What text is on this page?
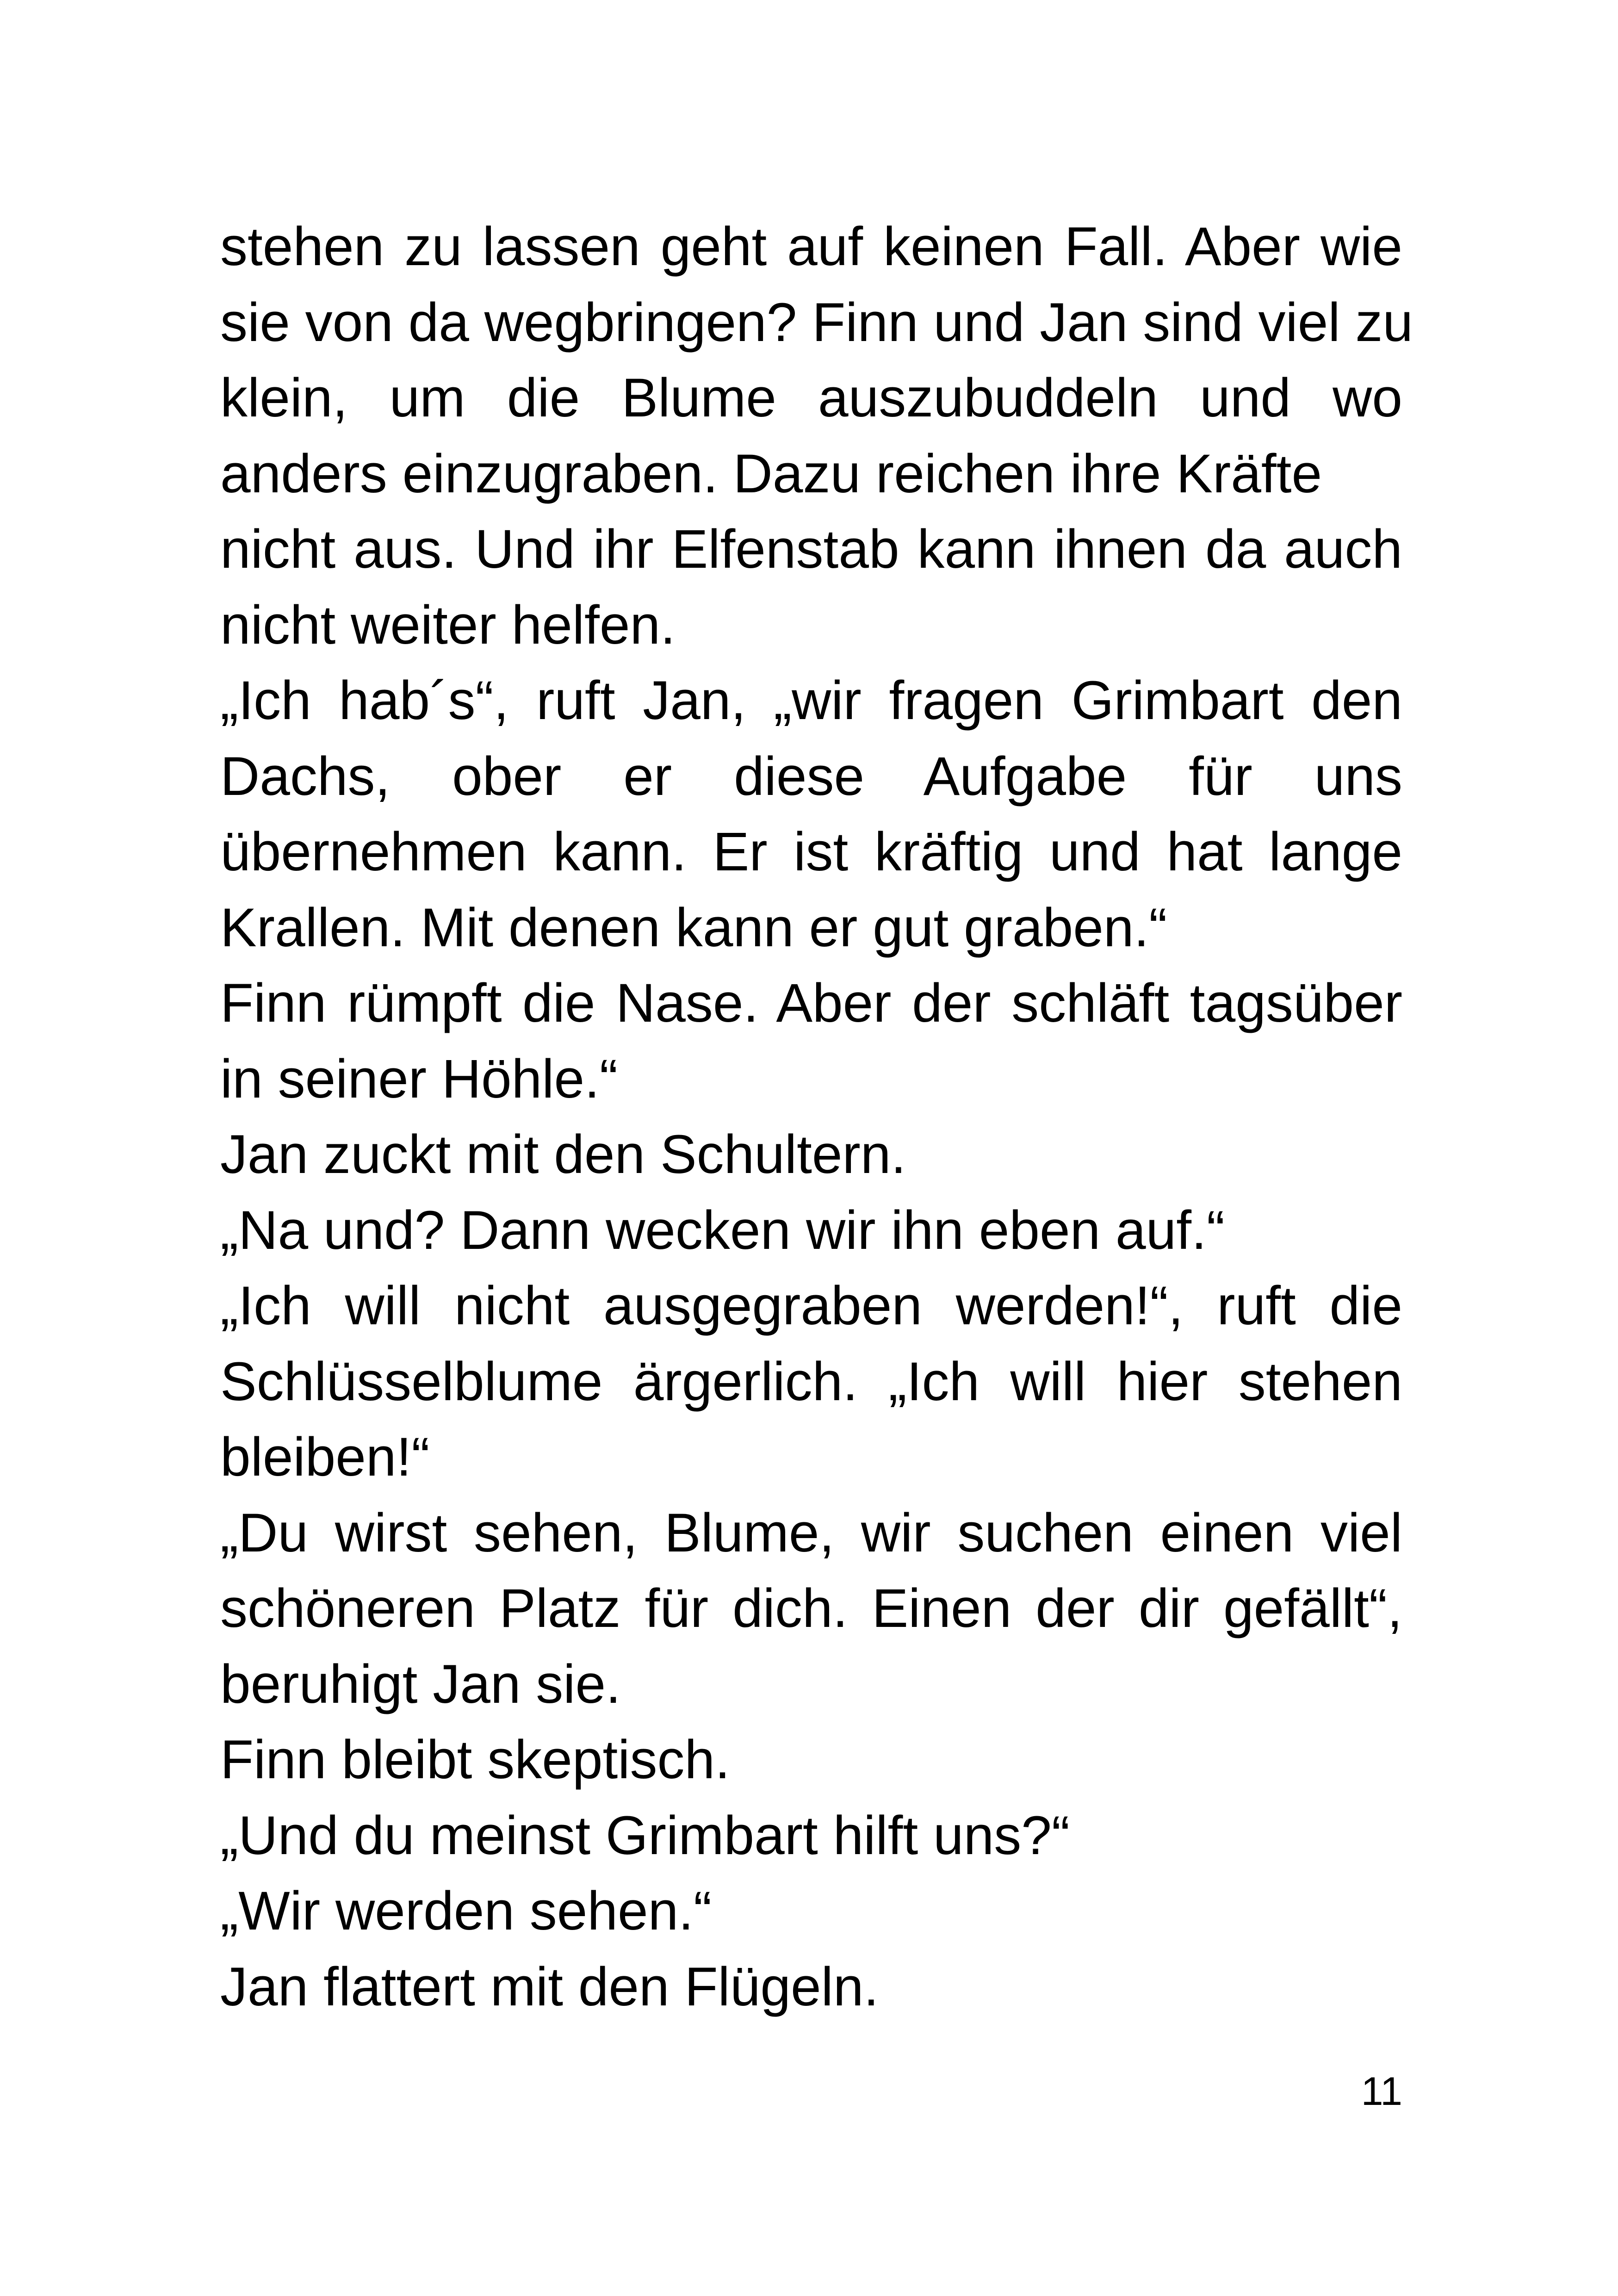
stehen zu lassen geht auf keinen Fall. Aber wie
sie von da wegbringen? Finn und Jan sind viel zu
klein, um die Blume auszubuddeln und wo
anders einzugraben. Dazu reichen ihre Kräfte
nicht aus. Und ihr Elfenstab kann ihnen da auch
nicht weiter helfen.
„Ich hab´s“, ruft Jan, „wir fragen Grimbart den
Dachs, ober er diese Aufgabe für uns
übernehmen kann. Er ist kräftig und hat lange
Krallen. Mit denen kann er gut graben.“
Finn rümpft die Nase. Aber der schläft tagsüber
in seiner Höhle.“
Jan zuckt mit den Schultern.
„Na und? Dann wecken wir ihn eben auf.“
„Ich will nicht ausgegraben werden!“, ruft die
Schlüsselblume ärgerlich. „Ich will hier stehen
bleiben!“
„Du wirst sehen, Blume, wir suchen einen viel
schöneren Platz für dich. Einen der dir gefällt“,
beruhigt Jan sie.
Finn bleibt skeptisch.
„Und du meinst Grimbart hilft uns?“
„Wir werden sehen.“
Jan flattert mit den Flügeln.
11
